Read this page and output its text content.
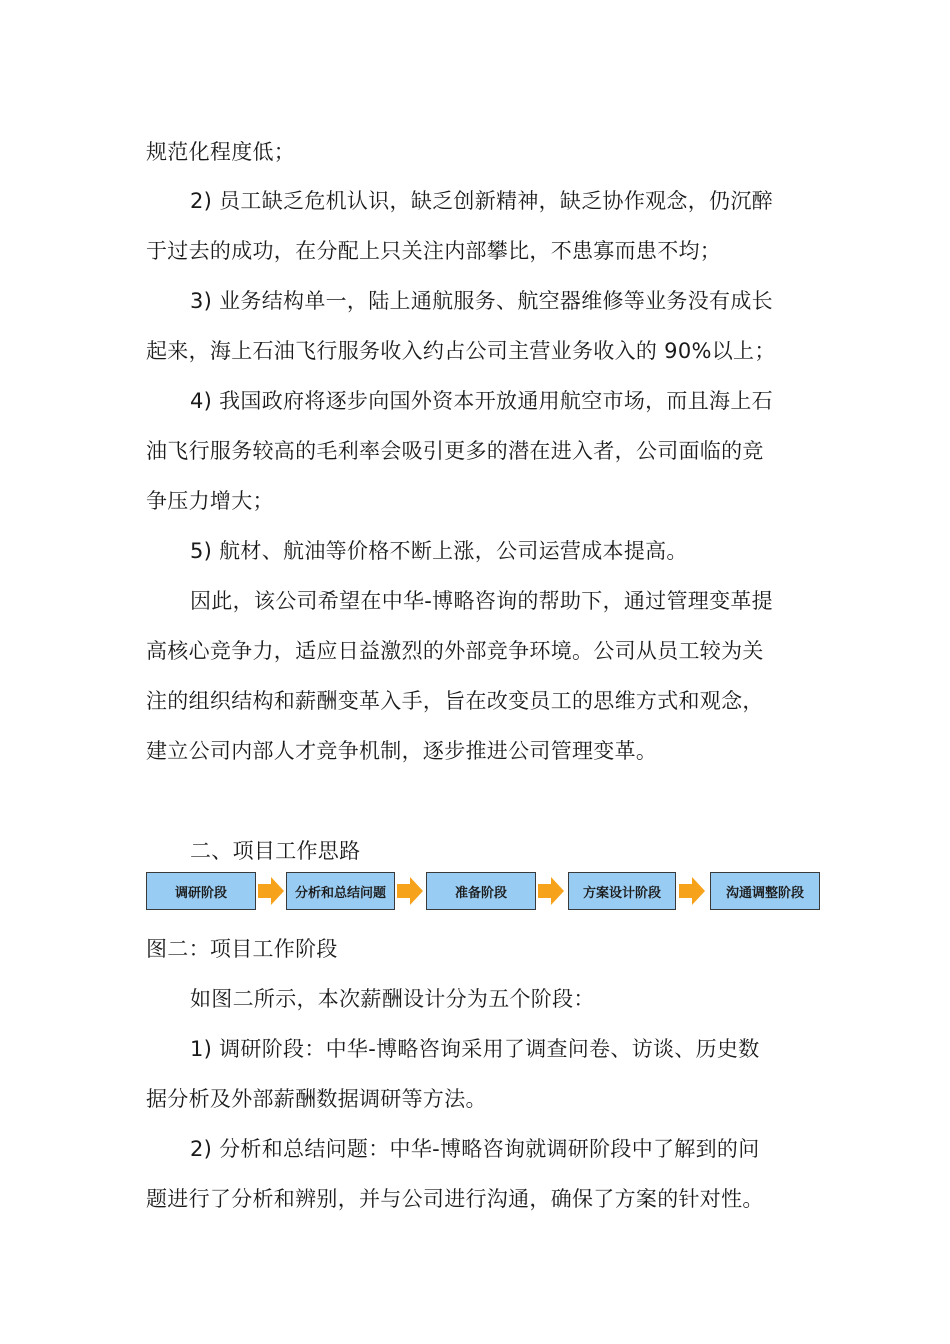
规范化程度低；
2) 员工缺乏危机认识，缺乏创新精神，缺乏协作观念，仍沉醉
于过去的成功，在分配上只关注内部攀比，不患寡而患不均；
3) 业务结构单一，陆上通航服务、航空器维修等业务没有成长
起来，海上石油飞行服务收入约占公司主营业务收入的 90%以上；
4) 我国政府将逐步向国外资本开放通用航空市场，而且海上石
油飞行服务较高的毛利率会吸引更多的潜在进入者，公司面临的竞
争压力增大；
5) 航材、航油等价格不断上涨，公司运营成本提高。
因此，该公司希望在中华-博略咨询的帮助下，通过管理变革提
高核心竞争力，适应日益激烈的外部竞争环境。公司从员工较为关
注的组织结构和薪酬变革入手，旨在改变员工的思维方式和观念，
建立公司内部人才竞争机制，逐步推进公司管理变革。
二、项目工作思路
调研阶段	分析和总结问题	准备阶段	方案设计阶段	沟通调整阶段
图二：项目工作阶段
如图二所示，本次薪酬设计分为五个阶段：
1) 调研阶段：中华-博略咨询采用了调查问卷、访谈、历史数
据分析及外部薪酬数据调研等方法。
2) 分析和总结问题：中华-博略咨询就调研阶段中了解到的问
题进行了分析和辨别，并与公司进行沟通，确保了方案的针对性。
